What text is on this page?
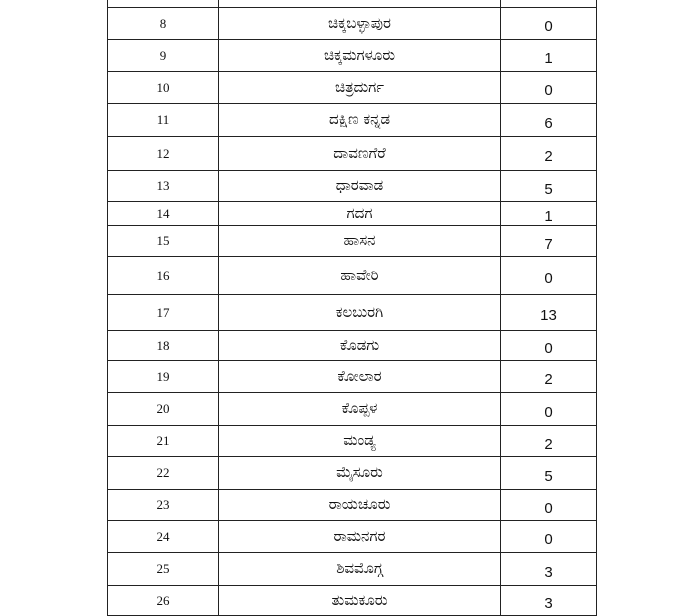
8	ಚಿಕ್ಕಬಳ್ಳಾಪುರ	0
9	ಚಿಕ್ಕಮಗಳೂರು	1
10	ಚಿತ್ರದುರ್ಗ	0
11	ದಕ್ಷಿಣ ಕನ್ನಡ	6
12	ದಾವಣಗೆರೆ	2
13	ಧಾರವಾಡ	5
14	ಗದಗ	1
15	ಹಾಸನ	7
16	ಹಾವೇರಿ	0
17	ಕಲಬುರಗಿ	13
18	ಕೊಡಗು	0
19	ಕೋಲಾರ	2
20	ಕೊಪ್ಪಳ	0
21	ಮಂಡ್ಯ	2
22	ಮೈಸೂರು	5
23	ರಾಯಚೂರು	0
24	ರಾಮನಗರ	0
25	ಶಿವಮೊಗ್ಗ	3
26	ತುಮಕೂರು	3
